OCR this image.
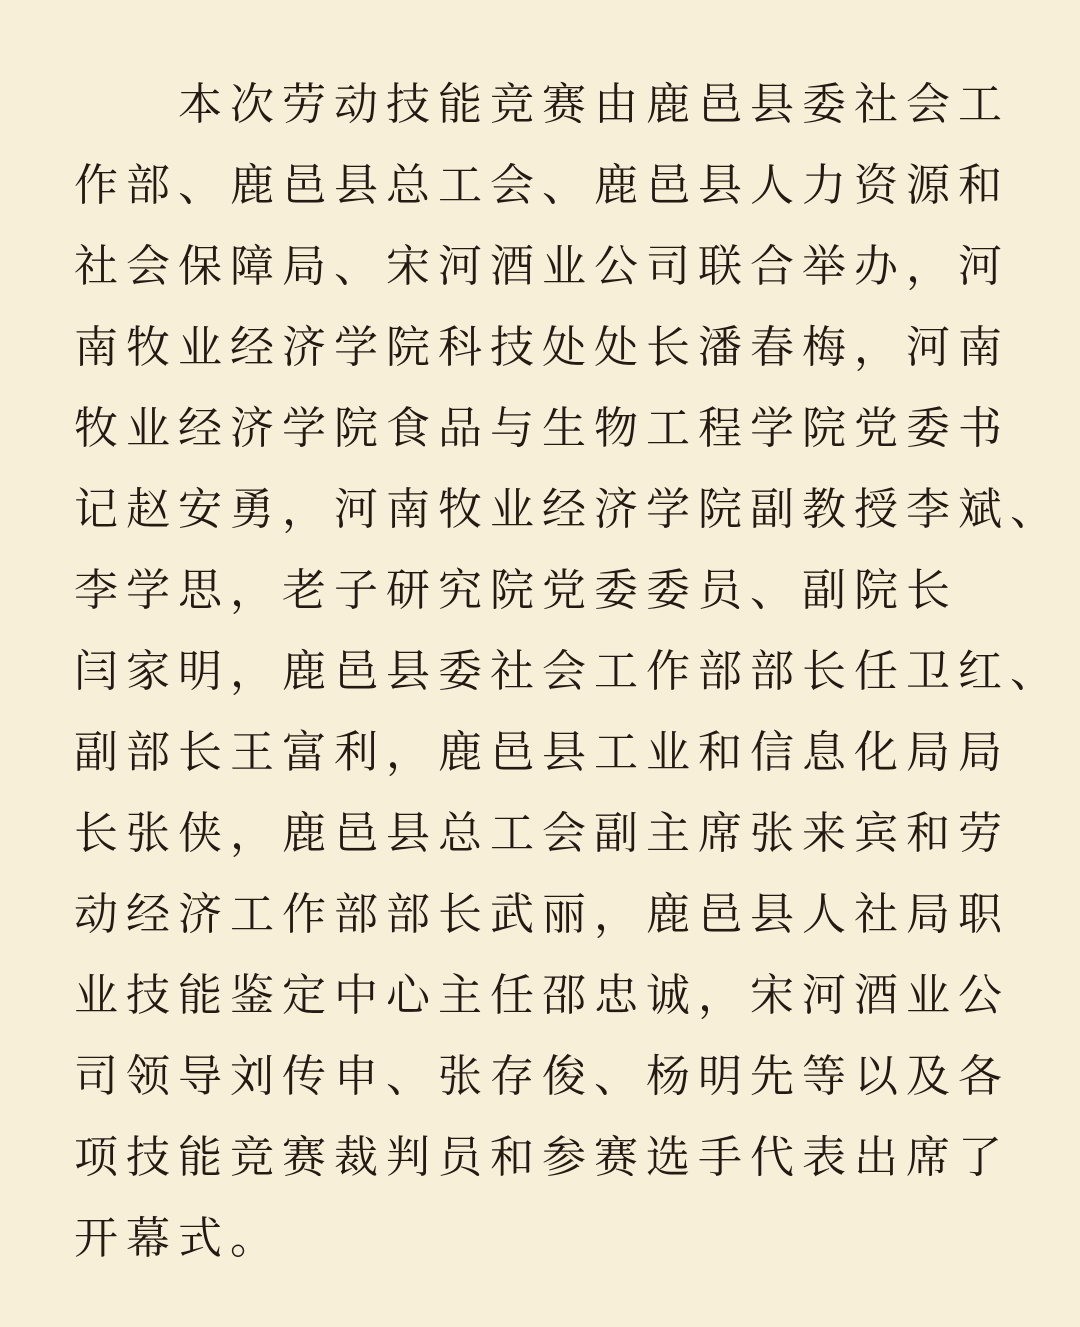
本次劳动技能竞赛由鹿邑县委社会工
作部、鹿邑县总工会、鹿邑县人力资源和
社会保障局、宋河酒业公司联合举办，河
南牧业经济学院科技处处长潘春梅，河南
牧业经济学院食品与生物工程学院党委书
记赵安勇，河南牧业经济学院副教授李斌、
李学思，老子研究院党委委员、副院长
闫家明，鹿邑县委社会工作部部长任卫红、
副部长王富利，鹿邑县工业和信息化局局
长张侠，鹿邑县总工会副主席张来宾和劳
动经济工作部部长武丽，鹿邑县人社局职
业技能鉴定中心主任邵忠诚，宋河酒业公
司领导刘传申、张存俊、杨明先等以及各
项技能竞赛裁判员和参赛选手代表出席了
开幕式。
